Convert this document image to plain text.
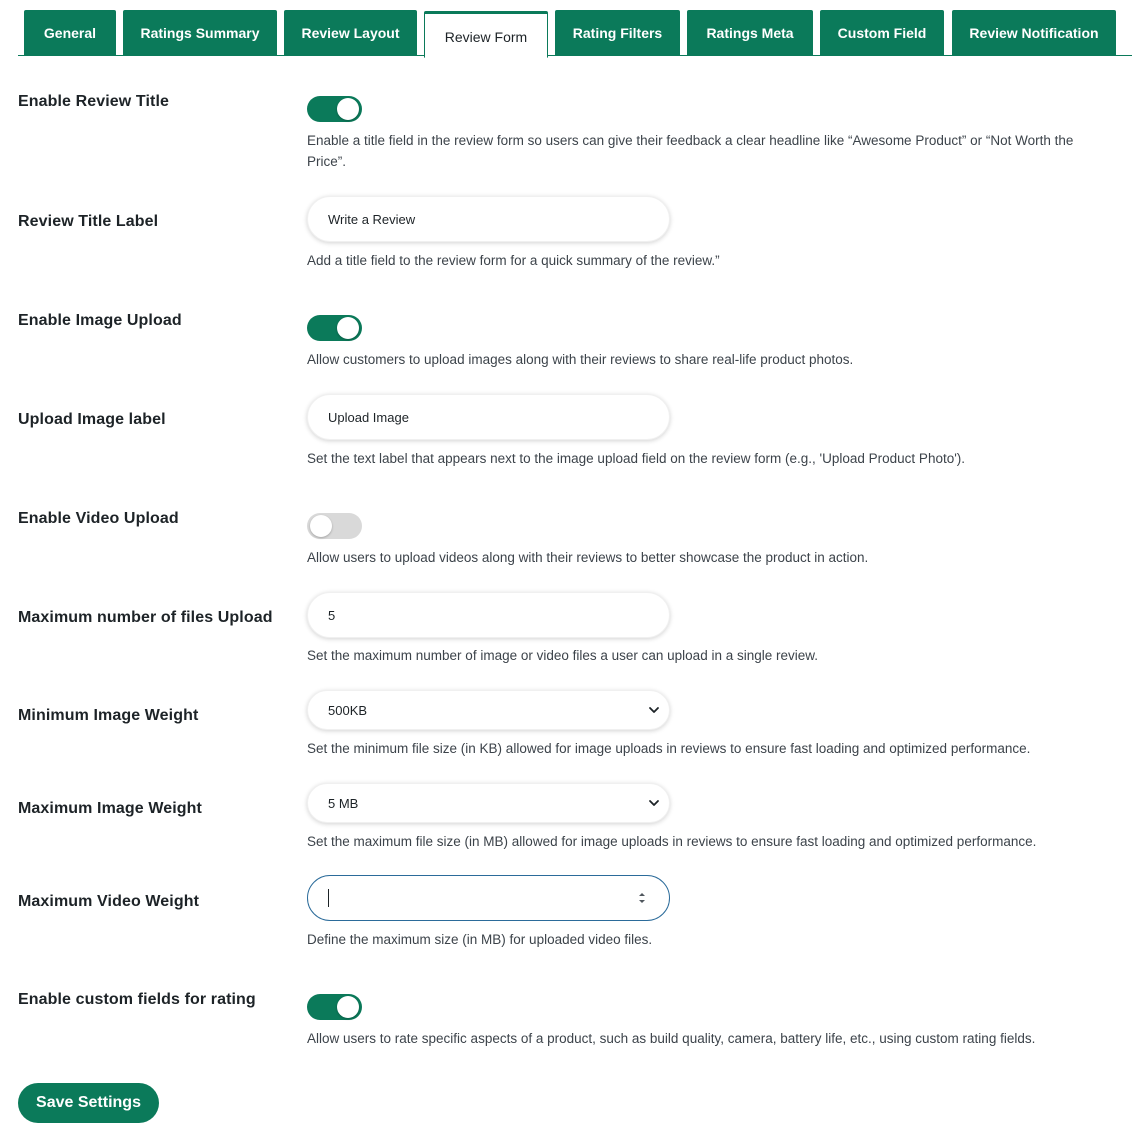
General	Ratings Summary	Review Layout	Review Form	Rating Filters	Ratings Meta	Custom Field	Review Notification
Enable Review Title
Enable a title field in the review form so users can give their feedback a clear headline like “Awesome Product” or “Not Worth the Price”.
Review Title Label	Write a Review
Add a title field to the review form for a quick summary of the review.”
Enable Image Upload
Allow customers to upload images along with their reviews to share real-life product photos.
Upload Image label	Upload Image
Set the text label that appears next to the image upload field on the review form (e.g., 'Upload Product Photo').
Enable Video Upload
Allow users to upload videos along with their reviews to better showcase the product in action.
Maximum number of files Upload	5
Set the maximum number of image or video files a user can upload in a single review.
Minimum Image Weight	500KB
Set the minimum file size (in KB) allowed for image uploads in reviews to ensure fast loading and optimized performance.
Maximum Image Weight	5 MB
Set the maximum file size (in MB) allowed for image uploads in reviews to ensure fast loading and optimized performance.
Maximum Video Weight
Define the maximum size (in MB) for uploaded video files.
Enable custom fields for rating
Allow users to rate specific aspects of a product, such as build quality, camera, battery life, etc., using custom rating fields.
Save Settings
